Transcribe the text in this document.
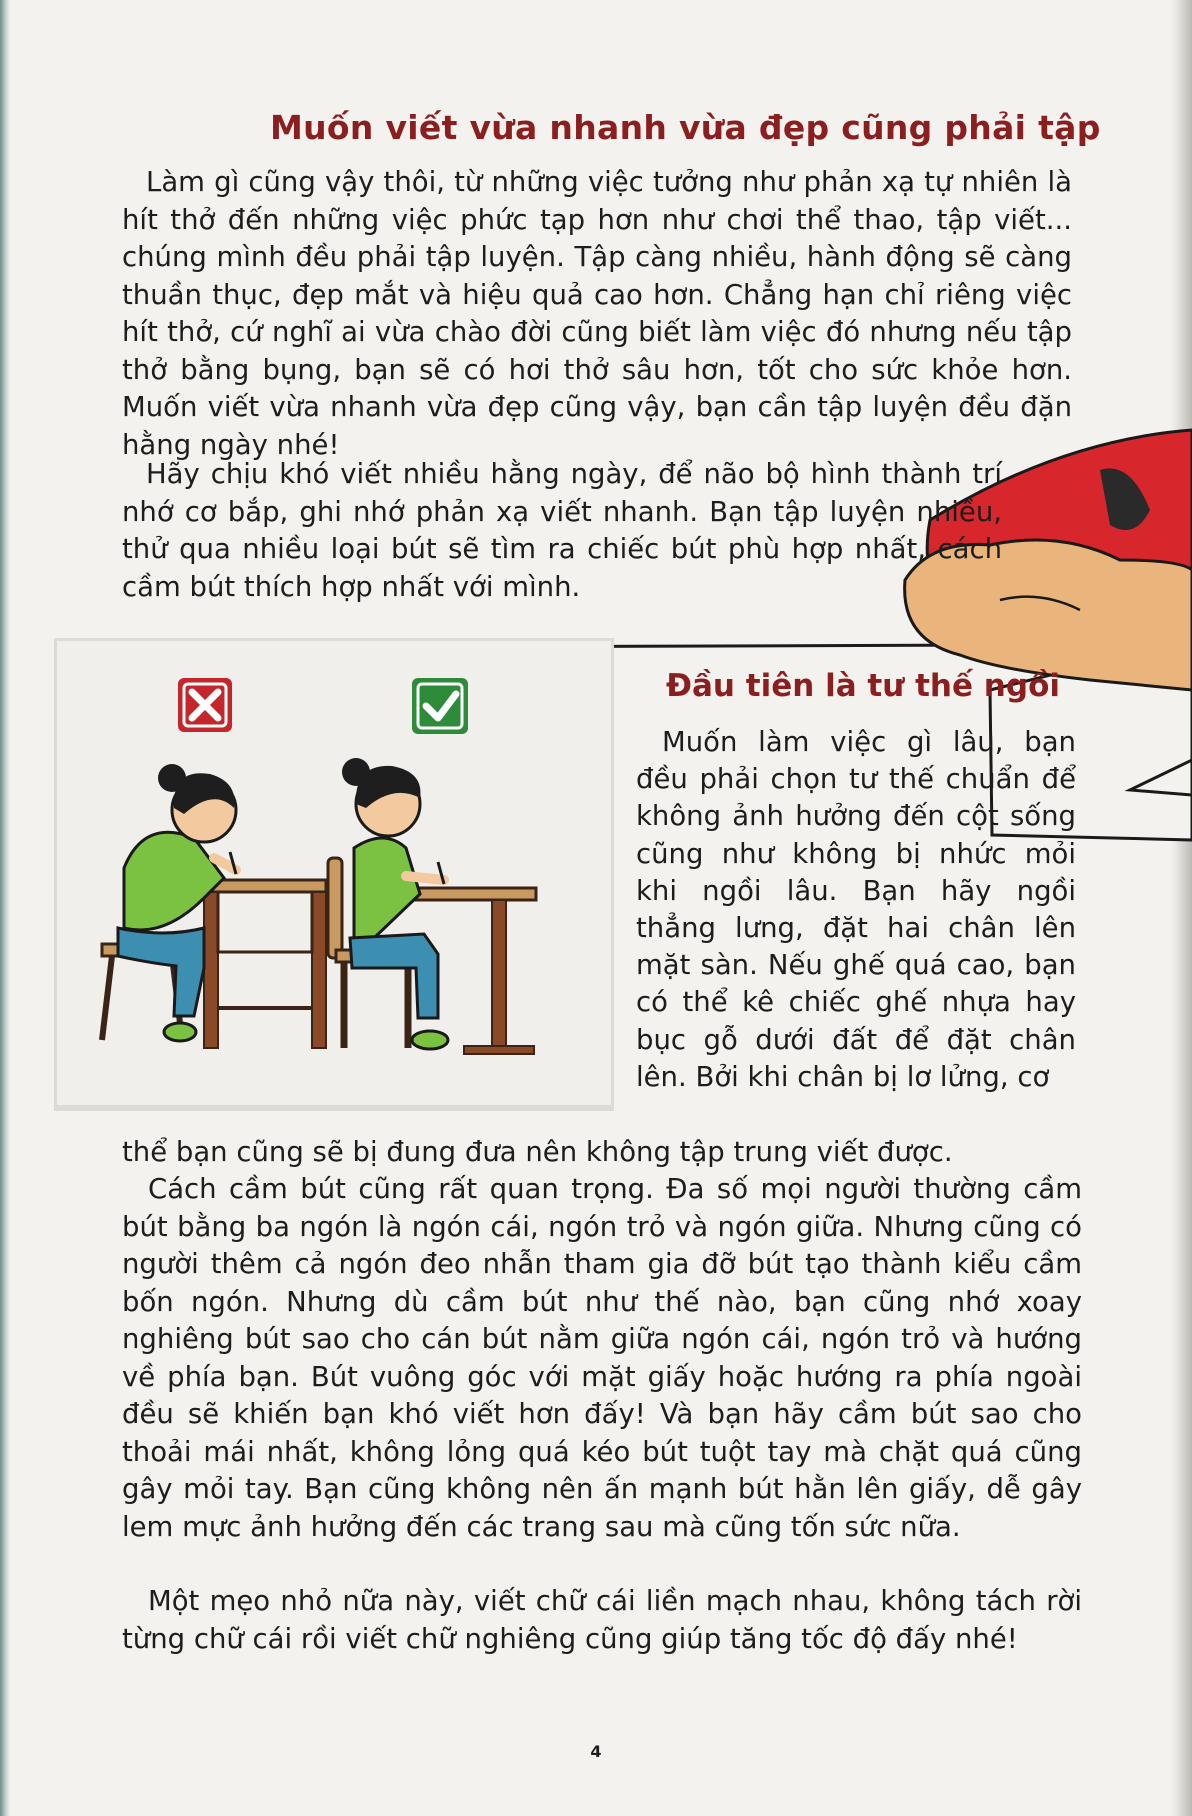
Muốn viết vừa nhanh vừa đẹp cũng phải tập

Làm gì cũng vậy thôi, từ những việc tưởng như phản xạ tự nhiên là hít thở đến những việc phức tạp hơn như chơi thể thao, tập viết... chúng mình đều phải tập luyện. Tập càng nhiều, hành động sẽ càng thuần thục, đẹp mắt và hiệu quả cao hơn. Chẳng hạn chỉ riêng việc hít thở, cứ nghĩ ai vừa chào đời cũng biết làm việc đó nhưng nếu tập thở bằng bụng, bạn sẽ có hơi thở sâu hơn, tốt cho sức khỏe hơn. Muốn viết vừa nhanh vừa đẹp cũng vậy, bạn cần tập luyện đều đặn hằng ngày nhé!

Hãy chịu khó viết nhiều hằng ngày, để não bộ hình thành trí nhớ cơ bắp, ghi nhớ phản xạ viết nhanh. Bạn tập luyện nhiều, thử qua nhiều loại bút sẽ tìm ra chiếc bút phù hợp nhất, cách cầm bút thích hợp nhất với mình.

Đầu tiên là tư thế ngồi

Muốn làm việc gì lâu, bạn đều phải chọn tư thế chuẩn để không ảnh hưởng đến cột sống cũng như không bị nhức mỏi khi ngồi lâu. Bạn hãy ngồi thẳng lưng, đặt hai chân lên mặt sàn. Nếu ghế quá cao, bạn có thể kê chiếc ghế nhựa hay bục gỗ dưới đất để đặt chân lên. Bởi khi chân bị lơ lửng, cơ

thể bạn cũng sẽ bị đung đưa nên không tập trung viết được.

Cách cầm bút cũng rất quan trọng. Đa số mọi người thường cầm bút bằng ba ngón là ngón cái, ngón trỏ và ngón giữa. Nhưng cũng có người thêm cả ngón đeo nhẫn tham gia đỡ bút tạo thành kiểu cầm bốn ngón. Nhưng dù cầm bút như thế nào, bạn cũng nhớ xoay nghiêng bút sao cho cán bút nằm giữa ngón cái, ngón trỏ và hướng về phía bạn. Bút vuông góc với mặt giấy hoặc hướng ra phía ngoài đều sẽ khiến bạn khó viết hơn đấy! Và bạn hãy cầm bút sao cho thoải mái nhất, không lỏng quá kéo bút tuột tay mà chặt quá cũng gây mỏi tay. Bạn cũng không nên ấn mạnh bút hằn lên giấy, dễ gây lem mực ảnh hưởng đến các trang sau mà cũng tốn sức nữa.

Một mẹo nhỏ nữa này, viết chữ cái liền mạch nhau, không tách rời từng chữ cái rồi viết chữ nghiêng cũng giúp tăng tốc độ đấy nhé!

4
